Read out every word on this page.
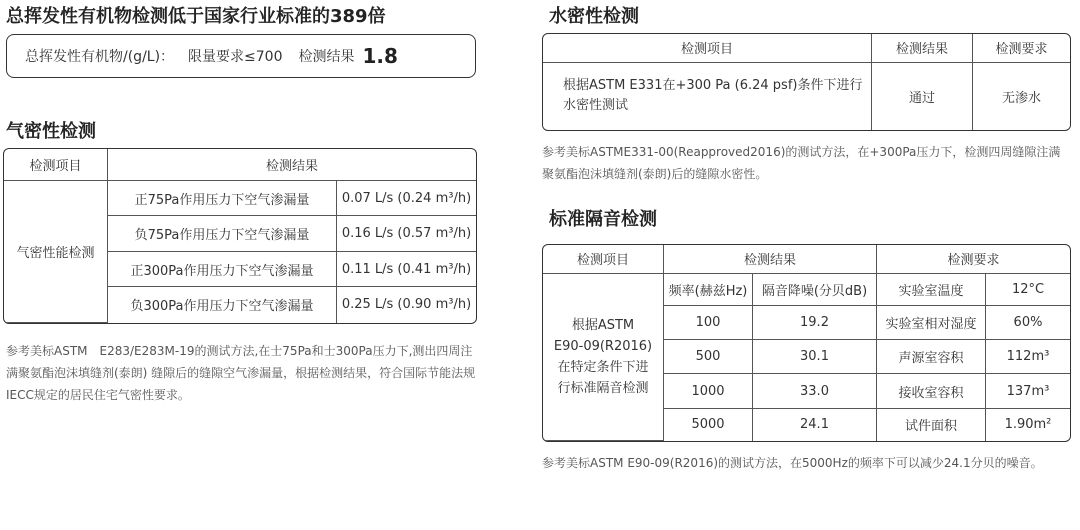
总挥发性有机物检测低于国家行业标准的389倍
总挥发性有机物/(g/L)： 限量要求≤700 检测结果 1.8
气密性检测
检测项目	检测结果	
气密性能检测	正75Pa作用压力下空气渗漏量	0.07 L/s (0.24 m³/h)
	负75Pa作用压力下空气渗漏量	0.16 L/s (0.57 m³/h)
	正300Pa作用压力下空气渗漏量	0.11 L/s (0.41 m³/h)
	负300Pa作用压力下空气渗漏量	0.25 L/s (0.90 m³/h)

参考美标ASTM　E283/E283M-19的测试方法,在士75Pa和士300Pa压力下,测出四周注满聚氨酯泡沫填缝剂(泰朗) 缝隙后的缝隙空气渗漏量，根据检测结果，符合国际节能法规IECC规定的居民住宅气密性要求。

水密性检测
检测项目	检测结果	检测要求
根据ASTM E331在+300 Pa (6.24 psf)条件下进行水密性测试	通过	无渗水

参考美标ASTME331-00(Reapproved2016)的测试方法，在+300Pa压力下，检测四周缝隙注满聚氨酯泡沫填缝剂(泰朗)后的缝隙水密性。

标准隔音检测
检测项目	检测结果		检测要求	
根据ASTM
E90-09(R2016)
在特定条件下进
行标准隔音检测	频率(赫兹Hz)	隔音降噪(分贝dB)	实验室温度	12°C
	100	19.2	实验室相对湿度	60%
	500	30.1	声源室容积	112m³
	1000	33.0	接收室容积	137m³
	5000	24.1	试件面积	1.90m²

参考美标ASTM E90-09(R2016)的测试方法，在5000Hz的频率下可以减少24.1分贝的噪音。
